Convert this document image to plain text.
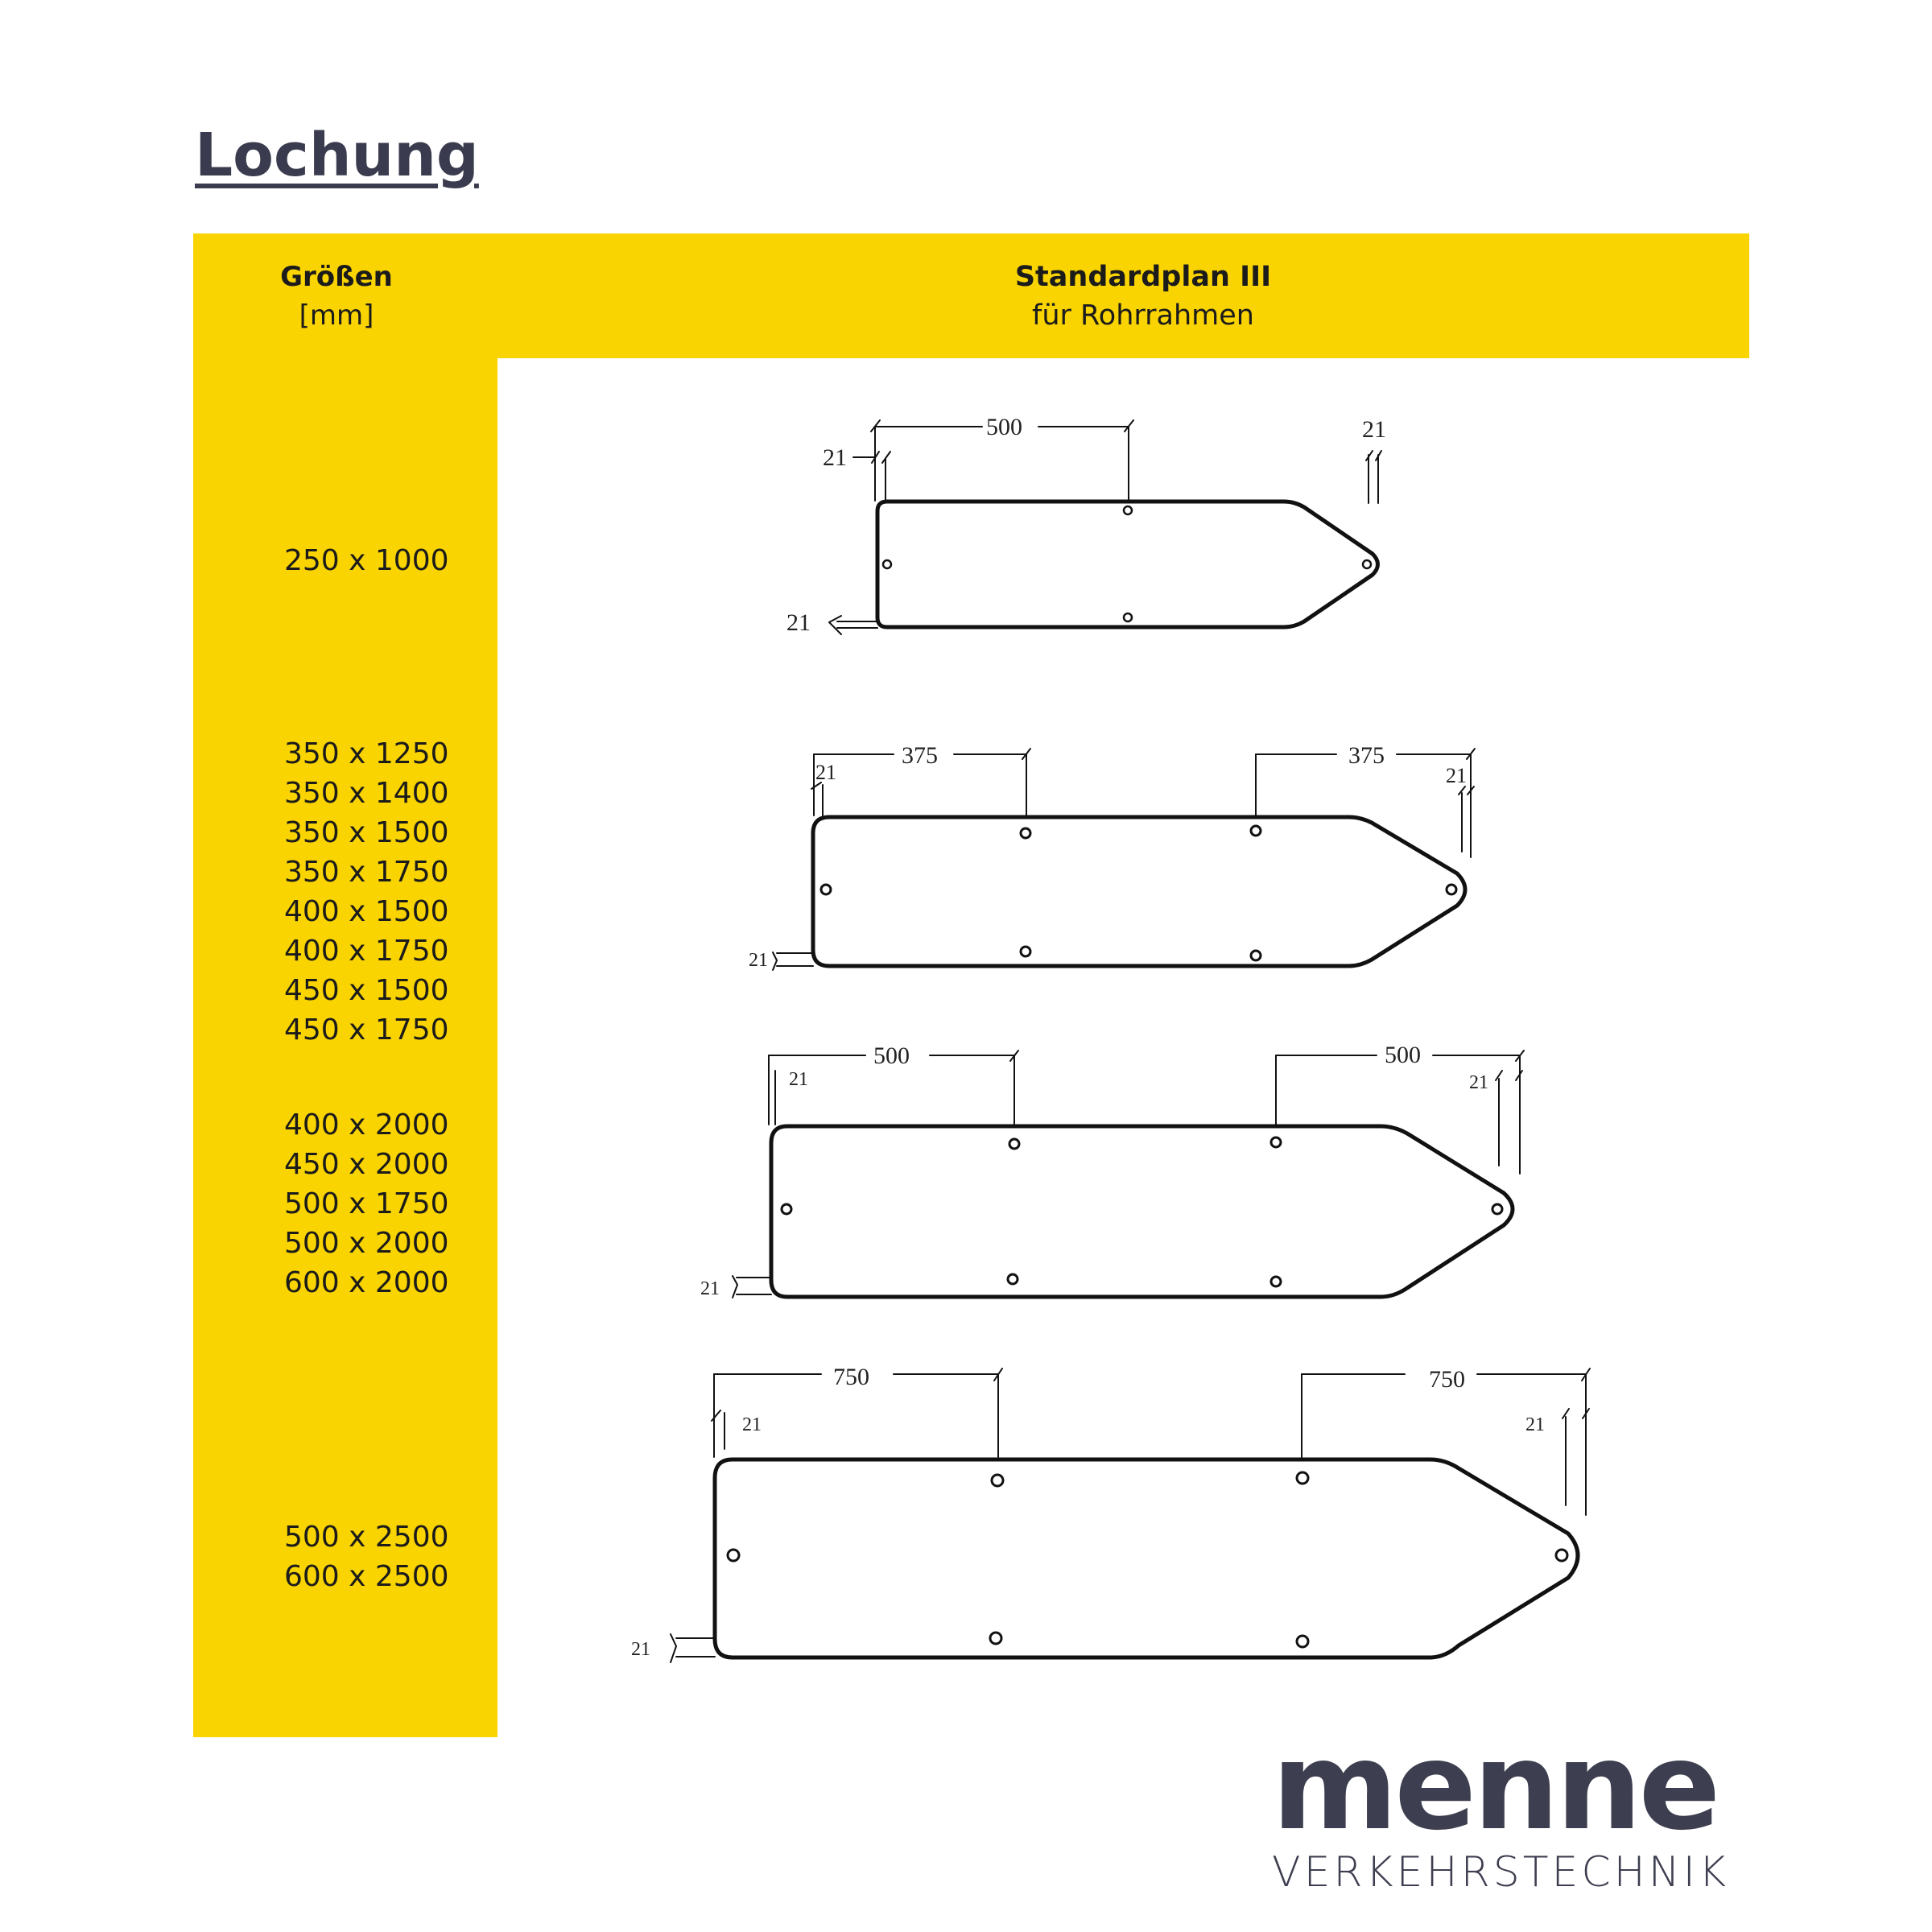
Lochung
Größen
[mm]
Standardplan III
für Rohrrahmen
250 x 1000
350 x 1250
350 x 1400
350 x 1500
350 x 1750
400 x 1500
400 x 1750
450 x 1500
450 x 1750
400 x 2000
450 x 2000
500 x 1750
500 x 2000
600 x 2000
500 x 2500
600 x 2500
500
21
21
21
375
21
375
21
21
500
21
500
21
21
750
21
750
21
21
menne
VERKEHRSTECHNIK
